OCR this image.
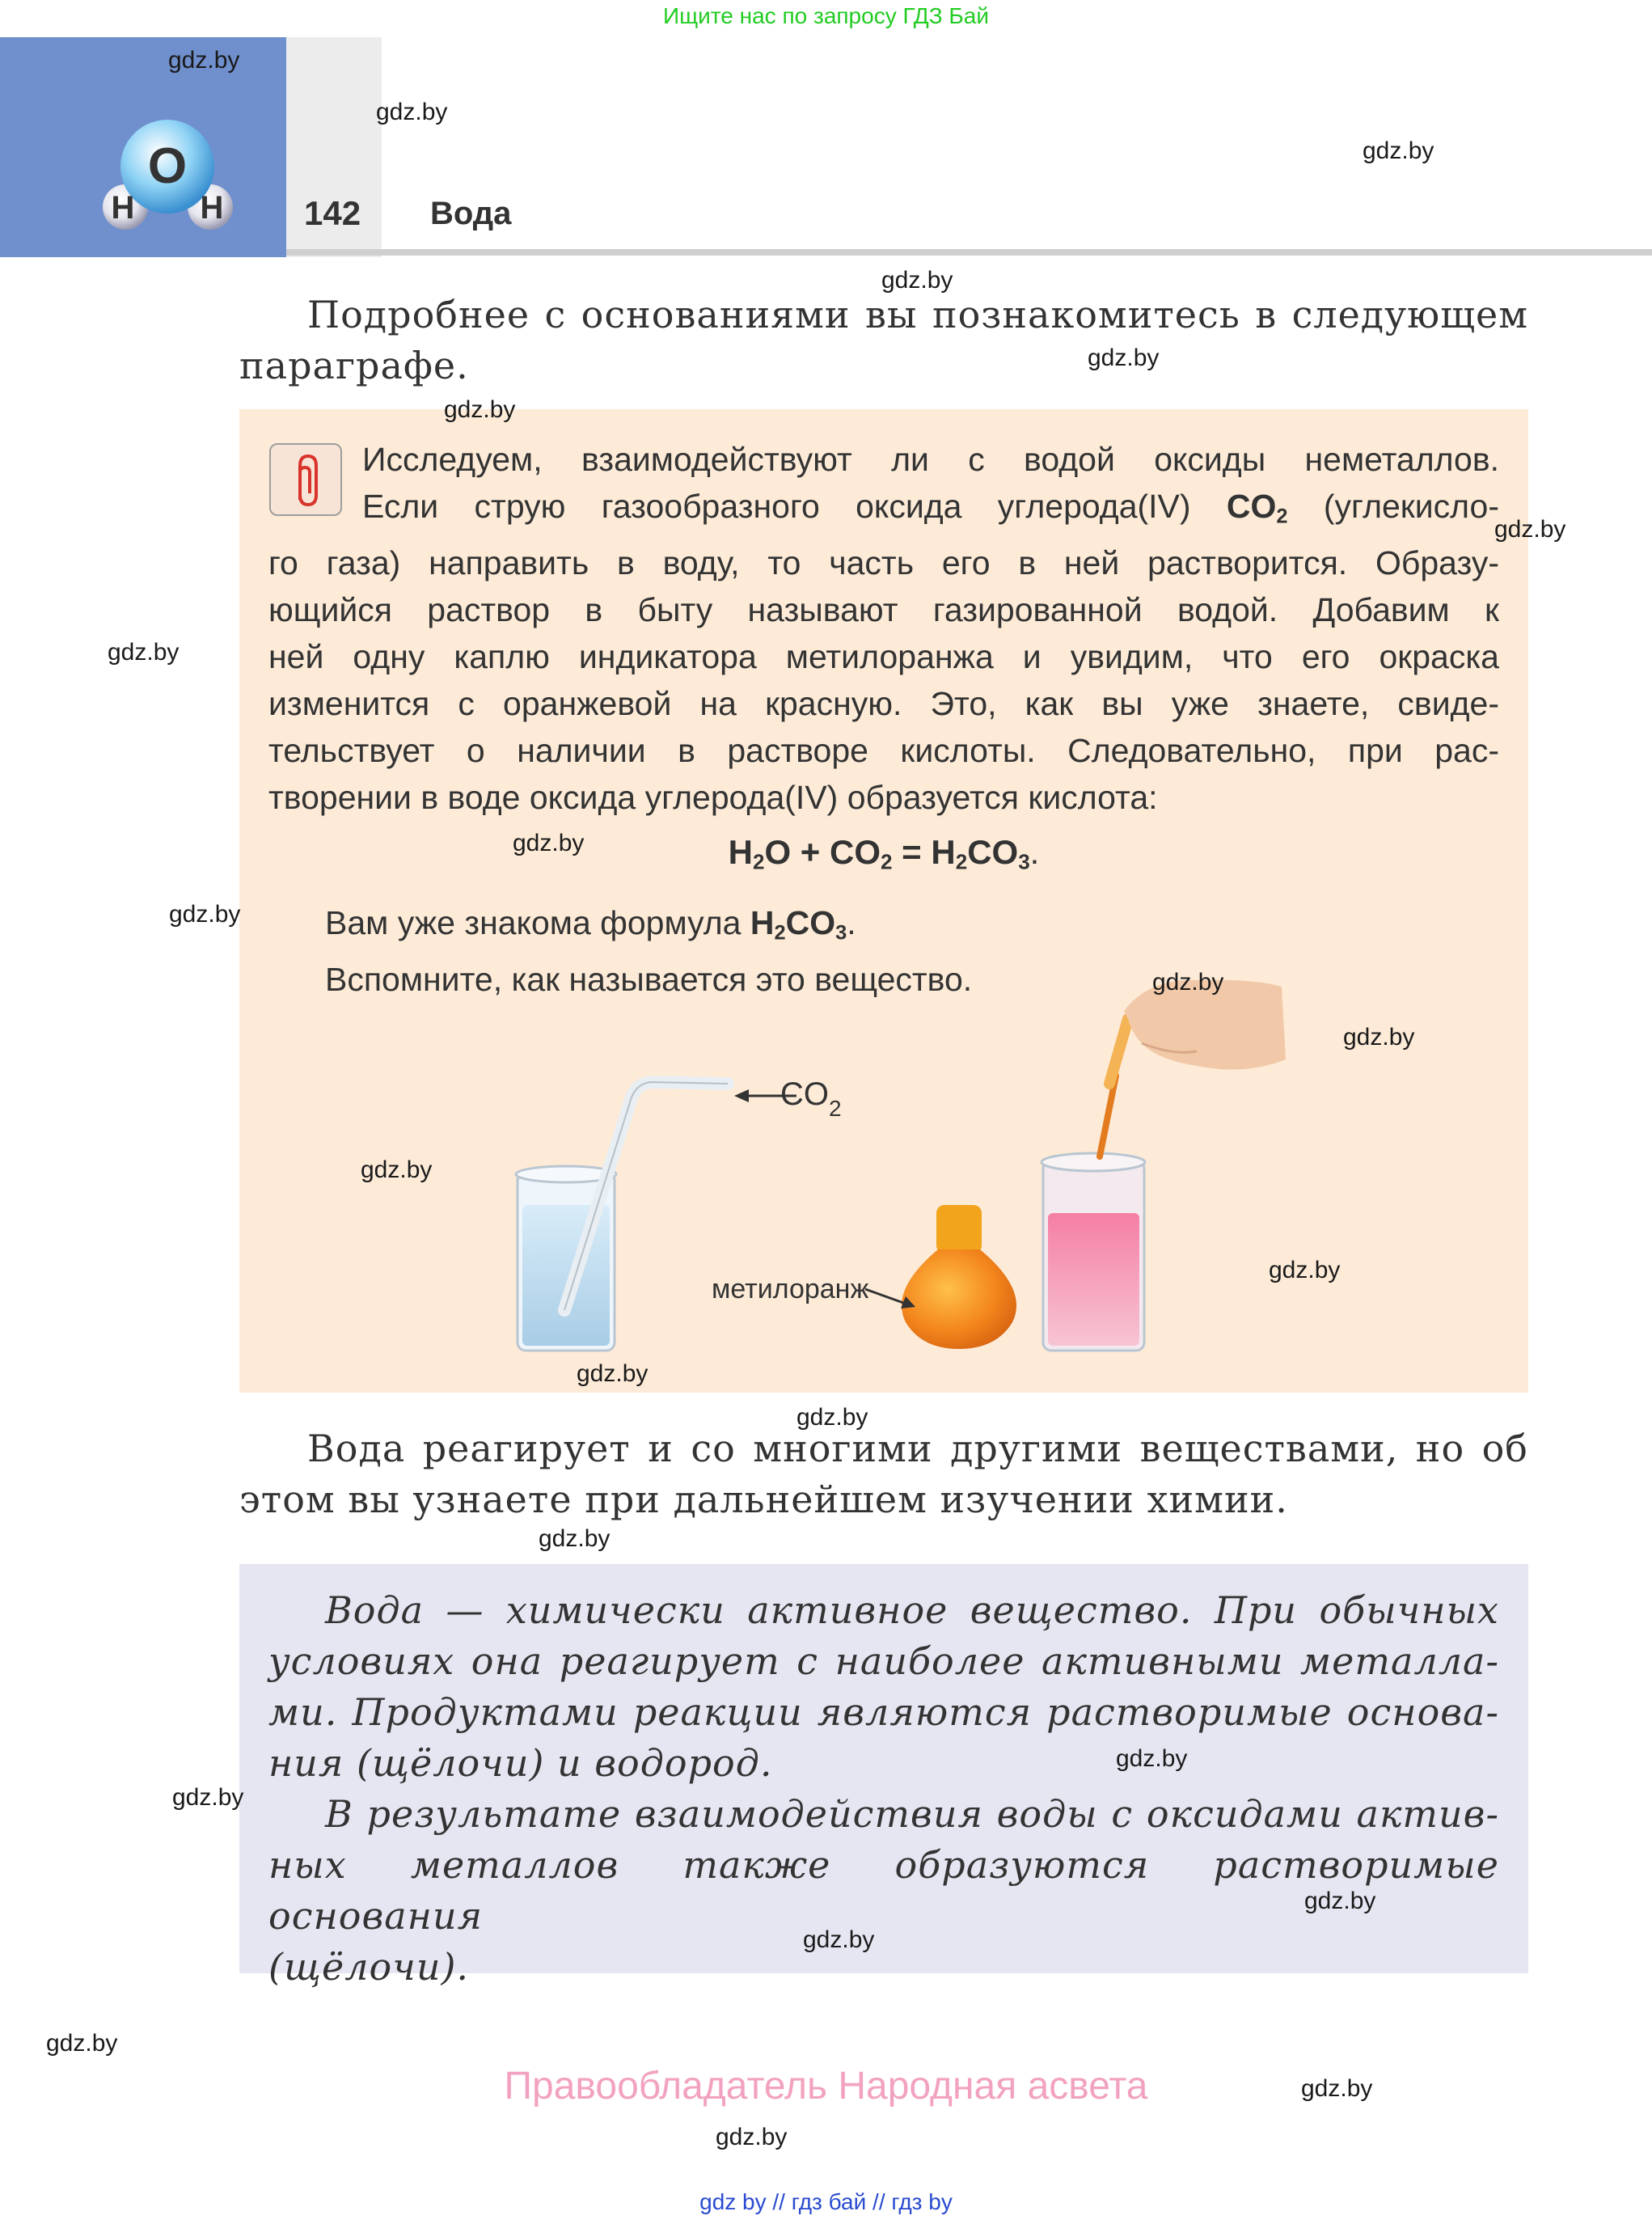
Ищите нас по запросу ГДЗ Бай
O
H H 142 Вода
Подробнее с основаниями вы познакомитесь в следующем
параграфе.
Исследуем, взаимодействуют ли с водой оксиды неметаллов.
Если струю газообразного оксида углерода(IV) $CO_2$ (углекисло-
го газа) направить в воду, то часть его в ней растворится. Образу-
ющийся раствор в быту называют газированной водой. Добавим к
ней одну каплю индикатора метилоранжа и увидим, что его окраска
изменится с оранжевой на красную. Это, как вы уже знаете, свиде-
тельствует о наличии в растворе кислоты. Следовательно, при рас-
творении в воде оксида углерода(IV) образуется кислота:
$H_2O + CO_2 = H_2CO_3$.
Вам уже знакома формула $H_2CO_3$.
Вспомните, как называется это вещество.
$CO_2$
метилоранж
Вода реагирует и со многими другими веществами, но об
этом вы узнаете при дальнейшем изучении химии.
Вода — химически активное вещество. При обычных
условиях она реагирует с наиболее активными металла-
ми. Продуктами реакции являются растворимые основа-
ния (щёлочи) и водород.
В результате взаимодействия воды с оксидами актив-
ных металлов также образуются растворимые основания
(щёлочи).
Правообладатель Народная асвета
gdz by // гдз бай // гдз by
gdz.by
gdz.by
gdz.by
gdz.by
gdz.by
gdz.by
gdz.by
gdz.by
gdz.by
gdz.by
gdz.by
gdz.by
gdz.by
gdz.by
gdz.by
gdz.by
gdz.by
gdz.by
gdz.by
gdz.by
gdz.by
gdz.by
gdz.by
gdz.by
